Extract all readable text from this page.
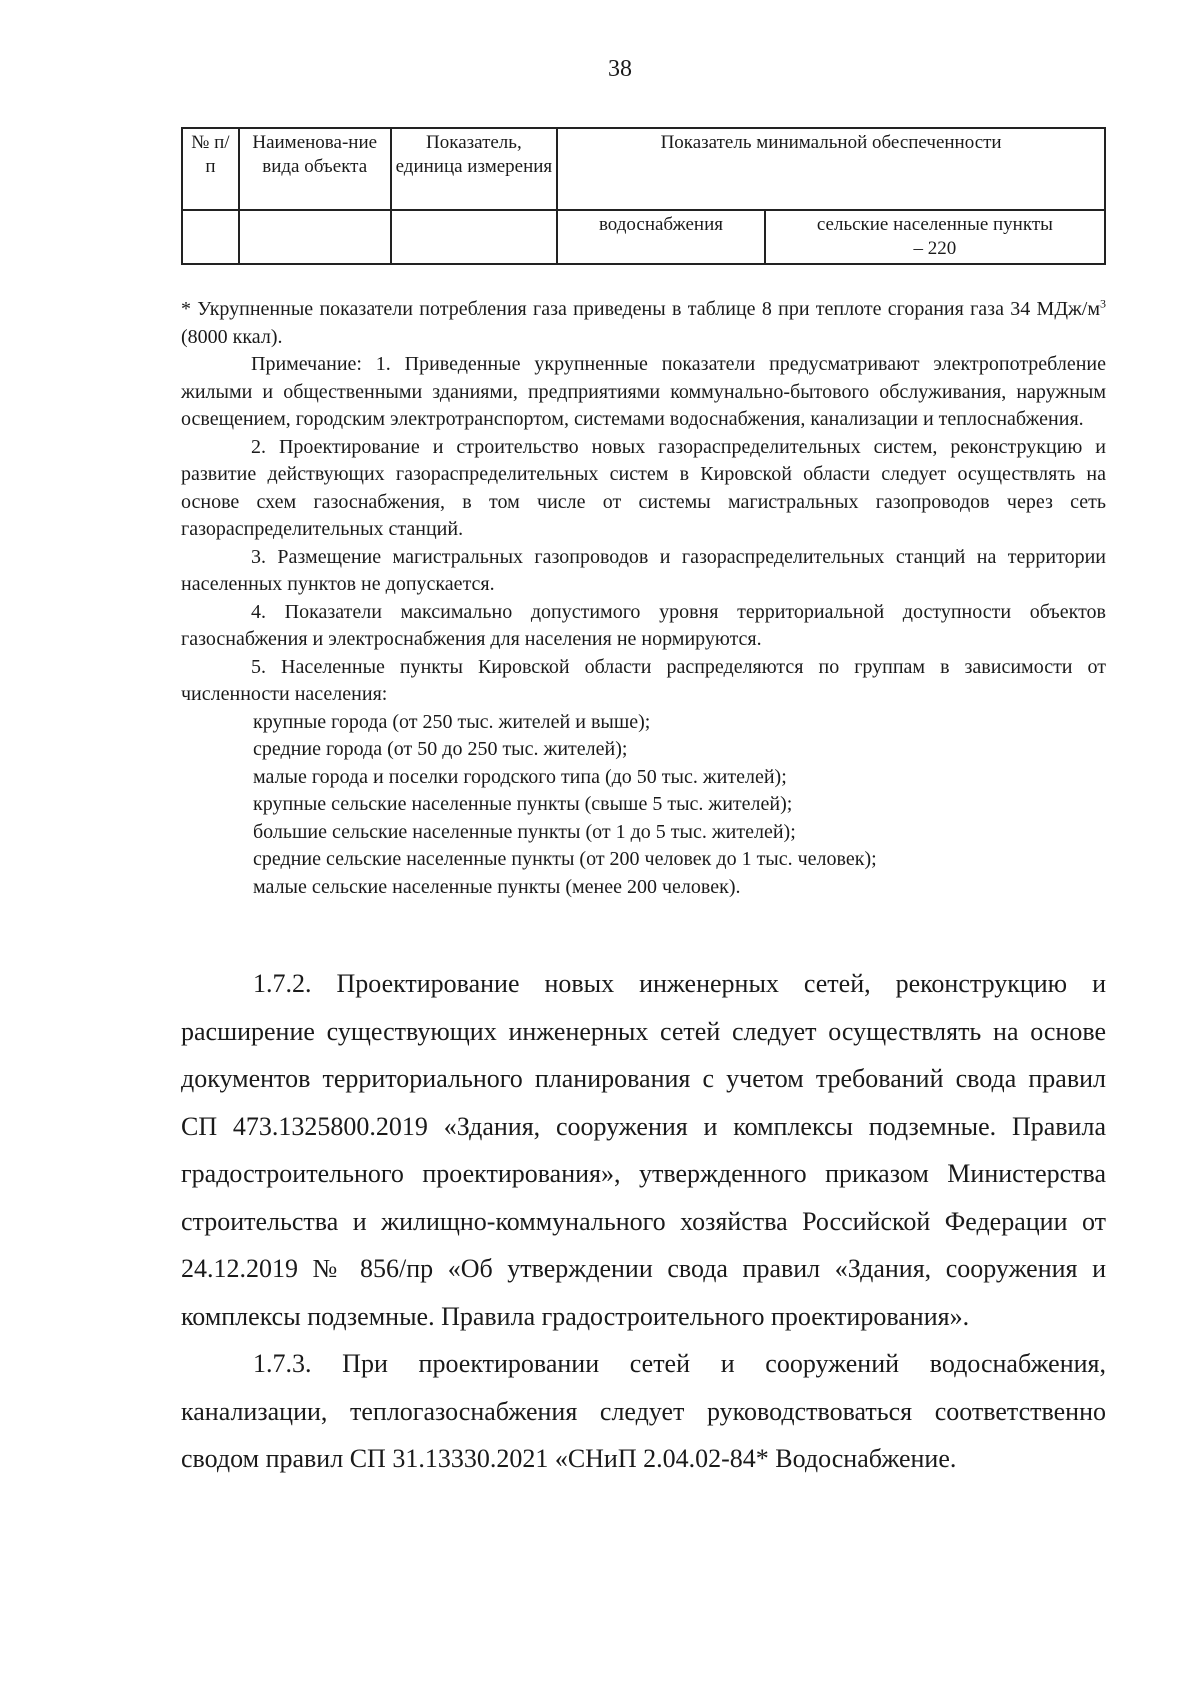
38
№ п/п	Наименова-ние вида объекта	Показатель, единица измерения	Показатель минимальной обеспеченности	
			водоснабжения	сельские населенные пункты – 220

* Укрупненные показатели потребления газа приведены в таблице 8 при теплоте сгорания газа 34 МДж/$м^3$ (8000 ккал).

Примечание: 1. Приведенные укрупненные показатели предусматривают электропотребление жилыми и общественными зданиями, предприятиями коммунально-бытового обслуживания, наружным освещением, городским электротранспортом, системами водоснабжения, канализации и теплоснабжения.

2. Проектирование и строительство новых газораспределительных систем, реконструкцию и развитие действующих газораспределительных систем в Кировской области следует осуществлять на основе схем газоснабжения, в том числе от системы магистральных газопроводов через сеть газораспределительных станций.

3. Размещение магистральных газопроводов и газораспределительных станций на территории населенных пунктов не допускается.

4. Показатели максимально допустимого уровня территориальной доступности объектов газоснабжения и электроснабжения для населения не нормируются.

5. Населенные пункты Кировской области распределяются по группам в зависимости от численности населения:

крупные города (от 250 тыс. жителей и выше);

средние города (от 50 до 250 тыс. жителей);

малые города и поселки городского типа (до 50 тыс. жителей);

крупные сельские населенные пункты (свыше 5 тыс. жителей);

большие сельские населенные пункты (от 1 до 5 тыс. жителей);

средние сельские населенные пункты (от 200 человек до 1 тыс. человек);

малые сельские населенные пункты (менее 200 человек).

1.7.2. Проектирование новых инженерных сетей, реконструкцию и расширение существующих инженерных сетей следует осуществлять на основе документов территориального планирования с учетом требований свода правил СП 473.1325800.2019 «Здания, сооружения и комплексы подземные. Правила градостроительного проектирования», утвержденного приказом Министерства строительства и жилищно-коммунального хозяйства Российской Федерации от 24.12.2019 № 856/пр «Об утверждении свода правил «Здания, сооружения и комплексы подземные. Правила градостроительного проектирования».

1.7.3. При проектировании сетей и сооружений водоснабжения, канализации, теплогазоснабжения следует руководствоваться соответственно сводом правил СП 31.13330.2021 «СНиП 2.04.02-84* Водоснабжение.
